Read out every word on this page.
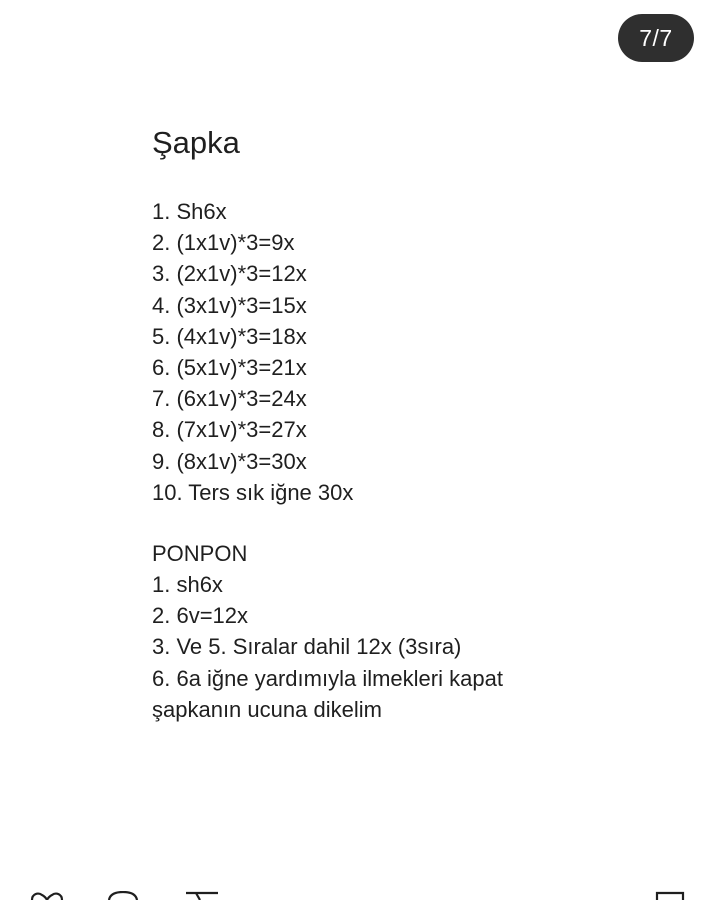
7/7
Şapka
1. Sh6x
2. (1x1v)*3=9x
3. (2x1v)*3=12x
4. (3x1v)*3=15x
5. (4x1v)*3=18x
6. (5x1v)*3=21x
7. (6x1v)*3=24x
8. (7x1v)*3=27x
9. (8x1v)*3=30x
10. Ters sık iğne 30x
PONPON
1. sh6x
2. 6v=12x
3. Ve 5. Sıralar dahil 12x (3sıra)
6. 6a iğne yardımıyla ilmekleri kapat
şapkanın ucuna dikelim
